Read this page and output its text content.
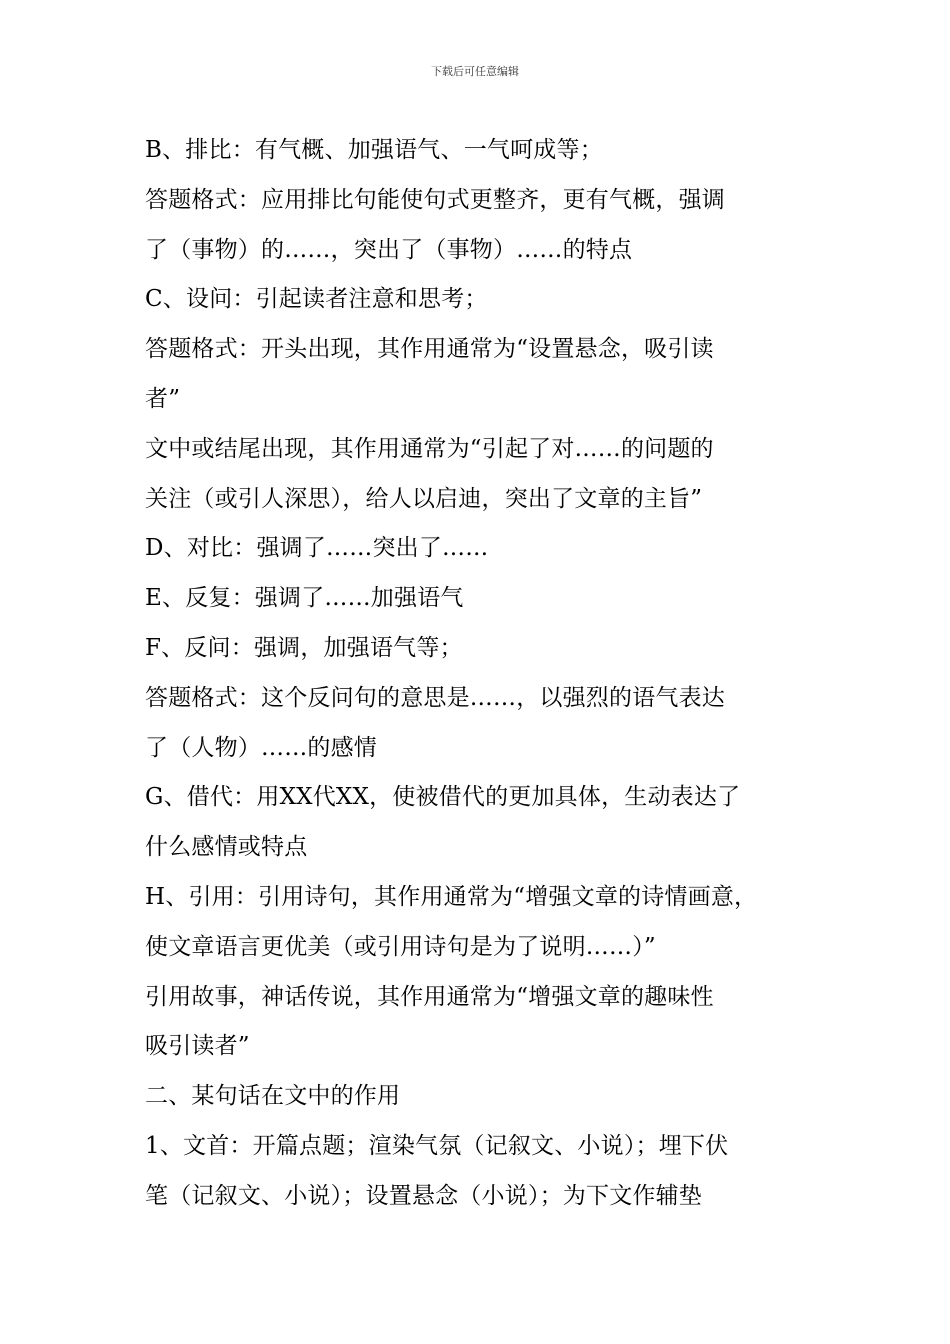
下载后可任意编辑
B、排比：有气概、加强语气、一气呵成等；
答题格式：应用排比句能使句式更整齐，更有气概，强调
了（事物）的……，突出了（事物）……的特点
C、设问：引起读者注意和思考；
答题格式：开头出现，其作用通常为“设置悬念，吸引读
者”
文中或结尾出现，其作用通常为“引起了对……的问题的
关注（或引人深思），给人以启迪，突出了文章的主旨”
D、对比：强调了……突出了……
E、反复：强调了……加强语气
F、反问：强调，加强语气等；
答题格式：这个反问句的意思是……，以强烈的语气表达
了（人物）……的感情
G、借代：用XX代XX，使被借代的更加具体，生动表达了
什么感情或特点
H、引用：引用诗句，其作用通常为“增强文章的诗情画意，
使文章语言更优美（或引用诗句是为了说明……）”
引用故事，神话传说，其作用通常为“增强文章的趣味性
吸引读者”
二、某句话在文中的作用
1、文首：开篇点题；渲染气氛（记叙文、小说）；埋下伏
笔（记叙文、小说）；设置悬念（小说）；为下文作辅垫
